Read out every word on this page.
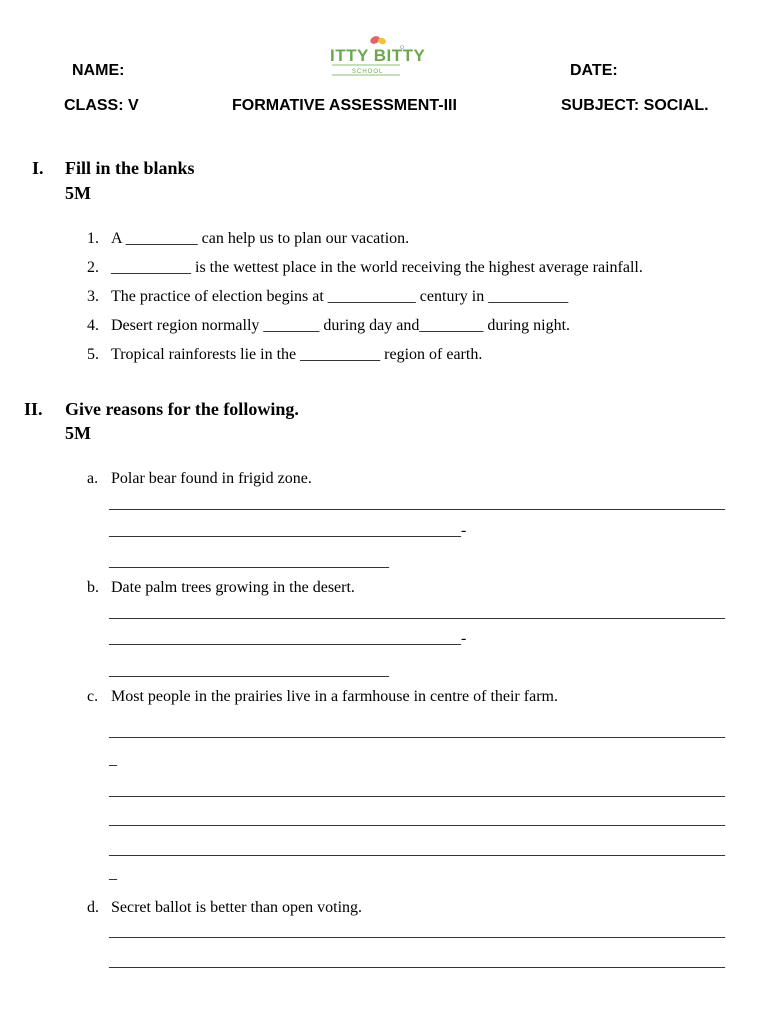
NAME:
ITTY BITTY
SCHOOL	DATE:
CLASS: V	FORMATIVE ASSESSMENT-III	SUBJECT: SOCIAL.
I. Fill in the blanks
5M
1. A _________ can help us to plan our vacation.
2. __________ is the wettest place in the world receiving the highest average rainfall.
3. The practice of election begins at ___________ century in __________
4. Desert region normally _______ during day and________ during night.
5. Tropical rainforests lie in the __________ region of earth.
II. Give reasons for the following.
5M
a. Polar bear found in frigid zone.
_____________________________________________________________________________
____________________________________________-
___________________________________
b. Date palm trees growing in the desert.
_____________________________________________________________________________
____________________________________________-
___________________________________
c. Most people in the prairies live in a farmhouse in centre of their farm.
_____________________________________________________________________________
_
_____________________________________________________________________________
_____________________________________________________________________________
_____________________________________________________________________________
_
d. Secret ballot is better than open voting.
_____________________________________________________________________________
_____________________________________________________________________________
